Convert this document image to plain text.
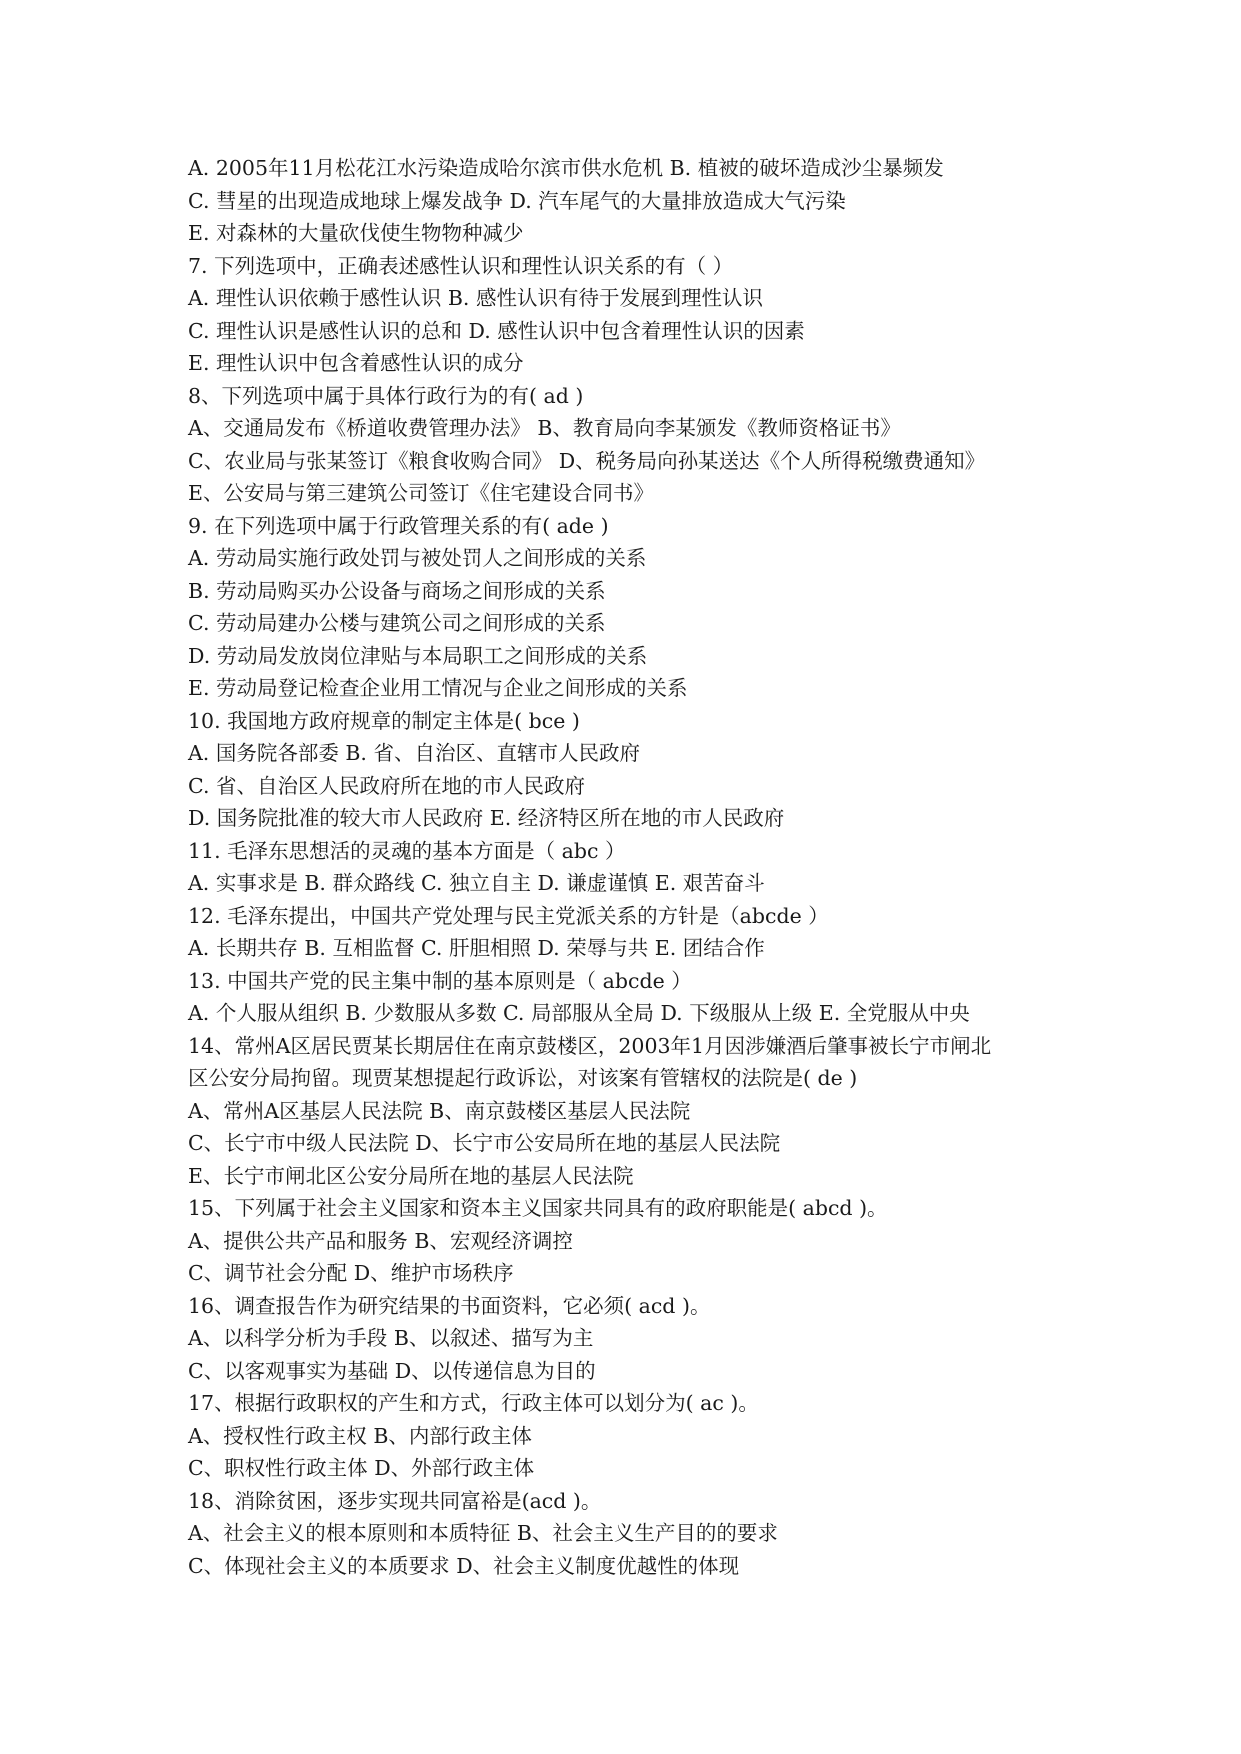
A. 2005年11月松花江水污染造成哈尔滨市供水危机 B. 植被的破坏造成沙尘暴频发
C. 彗星的出现造成地球上爆发战争 D. 汽车尾气的大量排放造成大气污染
E. 对森林的大量砍伐使生物物种减少
7. 下列选项中，正确表述感性认识和理性认识关系的有（ ）
A. 理性认识依赖于感性认识 B. 感性认识有待于发展到理性认识
C. 理性认识是感性认识的总和 D. 感性认识中包含着理性认识的因素
E. 理性认识中包含着感性认识的成分
8、下列选项中属于具体行政行为的有( ad )
A、交通局发布《桥道收费管理办法》 B、教育局向李某颁发《教师资格证书》
C、农业局与张某签订《粮食收购合同》 D、税务局向孙某送达《个人所得税缴费通知》
E、公安局与第三建筑公司签订《住宅建设合同书》
9. 在下列选项中属于行政管理关系的有( ade )
A. 劳动局实施行政处罚与被处罚人之间形成的关系
B. 劳动局购买办公设备与商场之间形成的关系
C. 劳动局建办公楼与建筑公司之间形成的关系
D. 劳动局发放岗位津贴与本局职工之间形成的关系
E. 劳动局登记检查企业用工情况与企业之间形成的关系
10. 我国地方政府规章的制定主体是( bce )
A. 国务院各部委 B. 省、自治区、直辖市人民政府
C. 省、自治区人民政府所在地的市人民政府
D. 国务院批准的较大市人民政府 E. 经济特区所在地的市人民政府
11. 毛泽东思想活的灵魂的基本方面是（ abc ）
A. 实事求是 B. 群众路线 C. 独立自主 D. 谦虚谨慎 E. 艰苦奋斗
12. 毛泽东提出，中国共产党处理与民主党派关系的方针是（abcde ）
A. 长期共存 B. 互相监督 C. 肝胆相照 D. 荣辱与共 E. 团结合作
13. 中国共产党的民主集中制的基本原则是（ abcde ）
A. 个人服从组织 B. 少数服从多数 C. 局部服从全局 D. 下级服从上级 E. 全党服从中央
14、常州A区居民贾某长期居住在南京鼓楼区，2003年1月因涉嫌酒后肇事被长宁市闸北
区公安分局拘留。现贾某想提起行政诉讼，对该案有管辖权的法院是( de )
A、常州A区基层人民法院 B、南京鼓楼区基层人民法院
C、长宁市中级人民法院 D、长宁市公安局所在地的基层人民法院
E、长宁市闸北区公安分局所在地的基层人民法院
15、下列属于社会主义国家和资本主义国家共同具有的政府职能是( abcd )。
A、提供公共产品和服务 B、宏观经济调控
C、调节社会分配 D、维护市场秩序
16、调查报告作为研究结果的书面资料，它必须( acd )。
A、以科学分析为手段 B、以叙述、描写为主
C、以客观事实为基础 D、以传递信息为目的
17、根据行政职权的产生和方式，行政主体可以划分为( ac )。
A、授权性行政主权 B、内部行政主体
C、职权性行政主体 D、外部行政主体
18、消除贫困，逐步实现共同富裕是(acd )。
A、社会主义的根本原则和本质特征 B、社会主义生产目的的要求
C、体现社会主义的本质要求 D、社会主义制度优越性的体现
